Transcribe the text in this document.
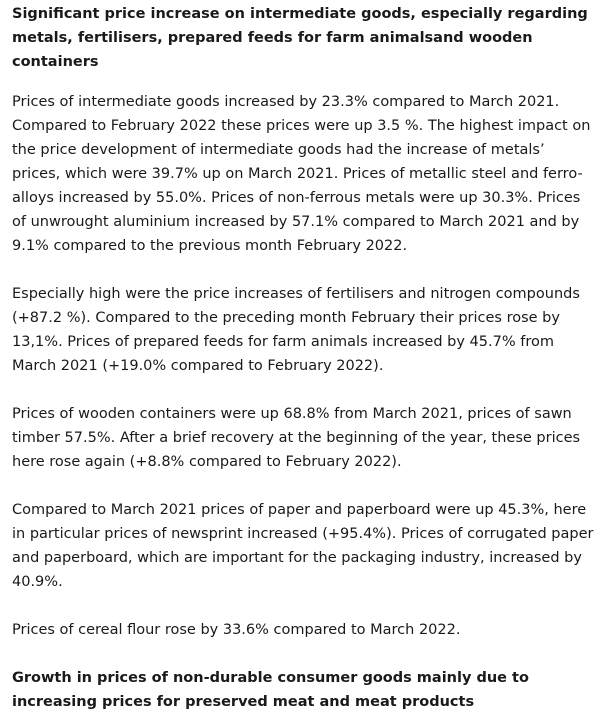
Significant price increase on intermediate goods, especially regarding metals, fertilisers, prepared feeds for farm animalsand wooden containers

Prices of intermediate goods increased by 23.3% compared to March 2021. Compared to February 2022 these prices were up 3.5 %. The highest impact on the price development of intermediate goods had the increase of metals’ prices, which were 39.7% up on March 2021. Prices of metallic steel and ferro-alloys increased by 55.0%. Prices of non-ferrous metals were up 30.3%. Prices of unwrought aluminium increased by 57.1% compared to March 2021 and by 9.1% compared to the previous month February 2022.

Especially high were the price increases of fertilisers and nitrogen compounds (+87.2 %). Compared to the preceding month February their prices rose by 13,1%. Prices of prepared feeds for farm animals increased by 45.7% from March 2021 (+19.0% compared to February 2022).

Prices of wooden containers were up 68.8% from March 2021, prices of sawn timber 57.5%. After a brief recovery at the beginning of the year, these prices here rose again (+8.8% compared to February 2022).

Compared to March 2021 prices of paper and paperboard were up 45.3%, here in particular prices of newsprint increased (+95.4%). Prices of corrugated paper and paperboard, which are important for the packaging industry, increased by 40.9%.

Prices of cereal flour rose by 33.6% compared to March 2022.

Growth in prices of non-durable consumer goods mainly due to increasing prices for preserved meat and meat products
